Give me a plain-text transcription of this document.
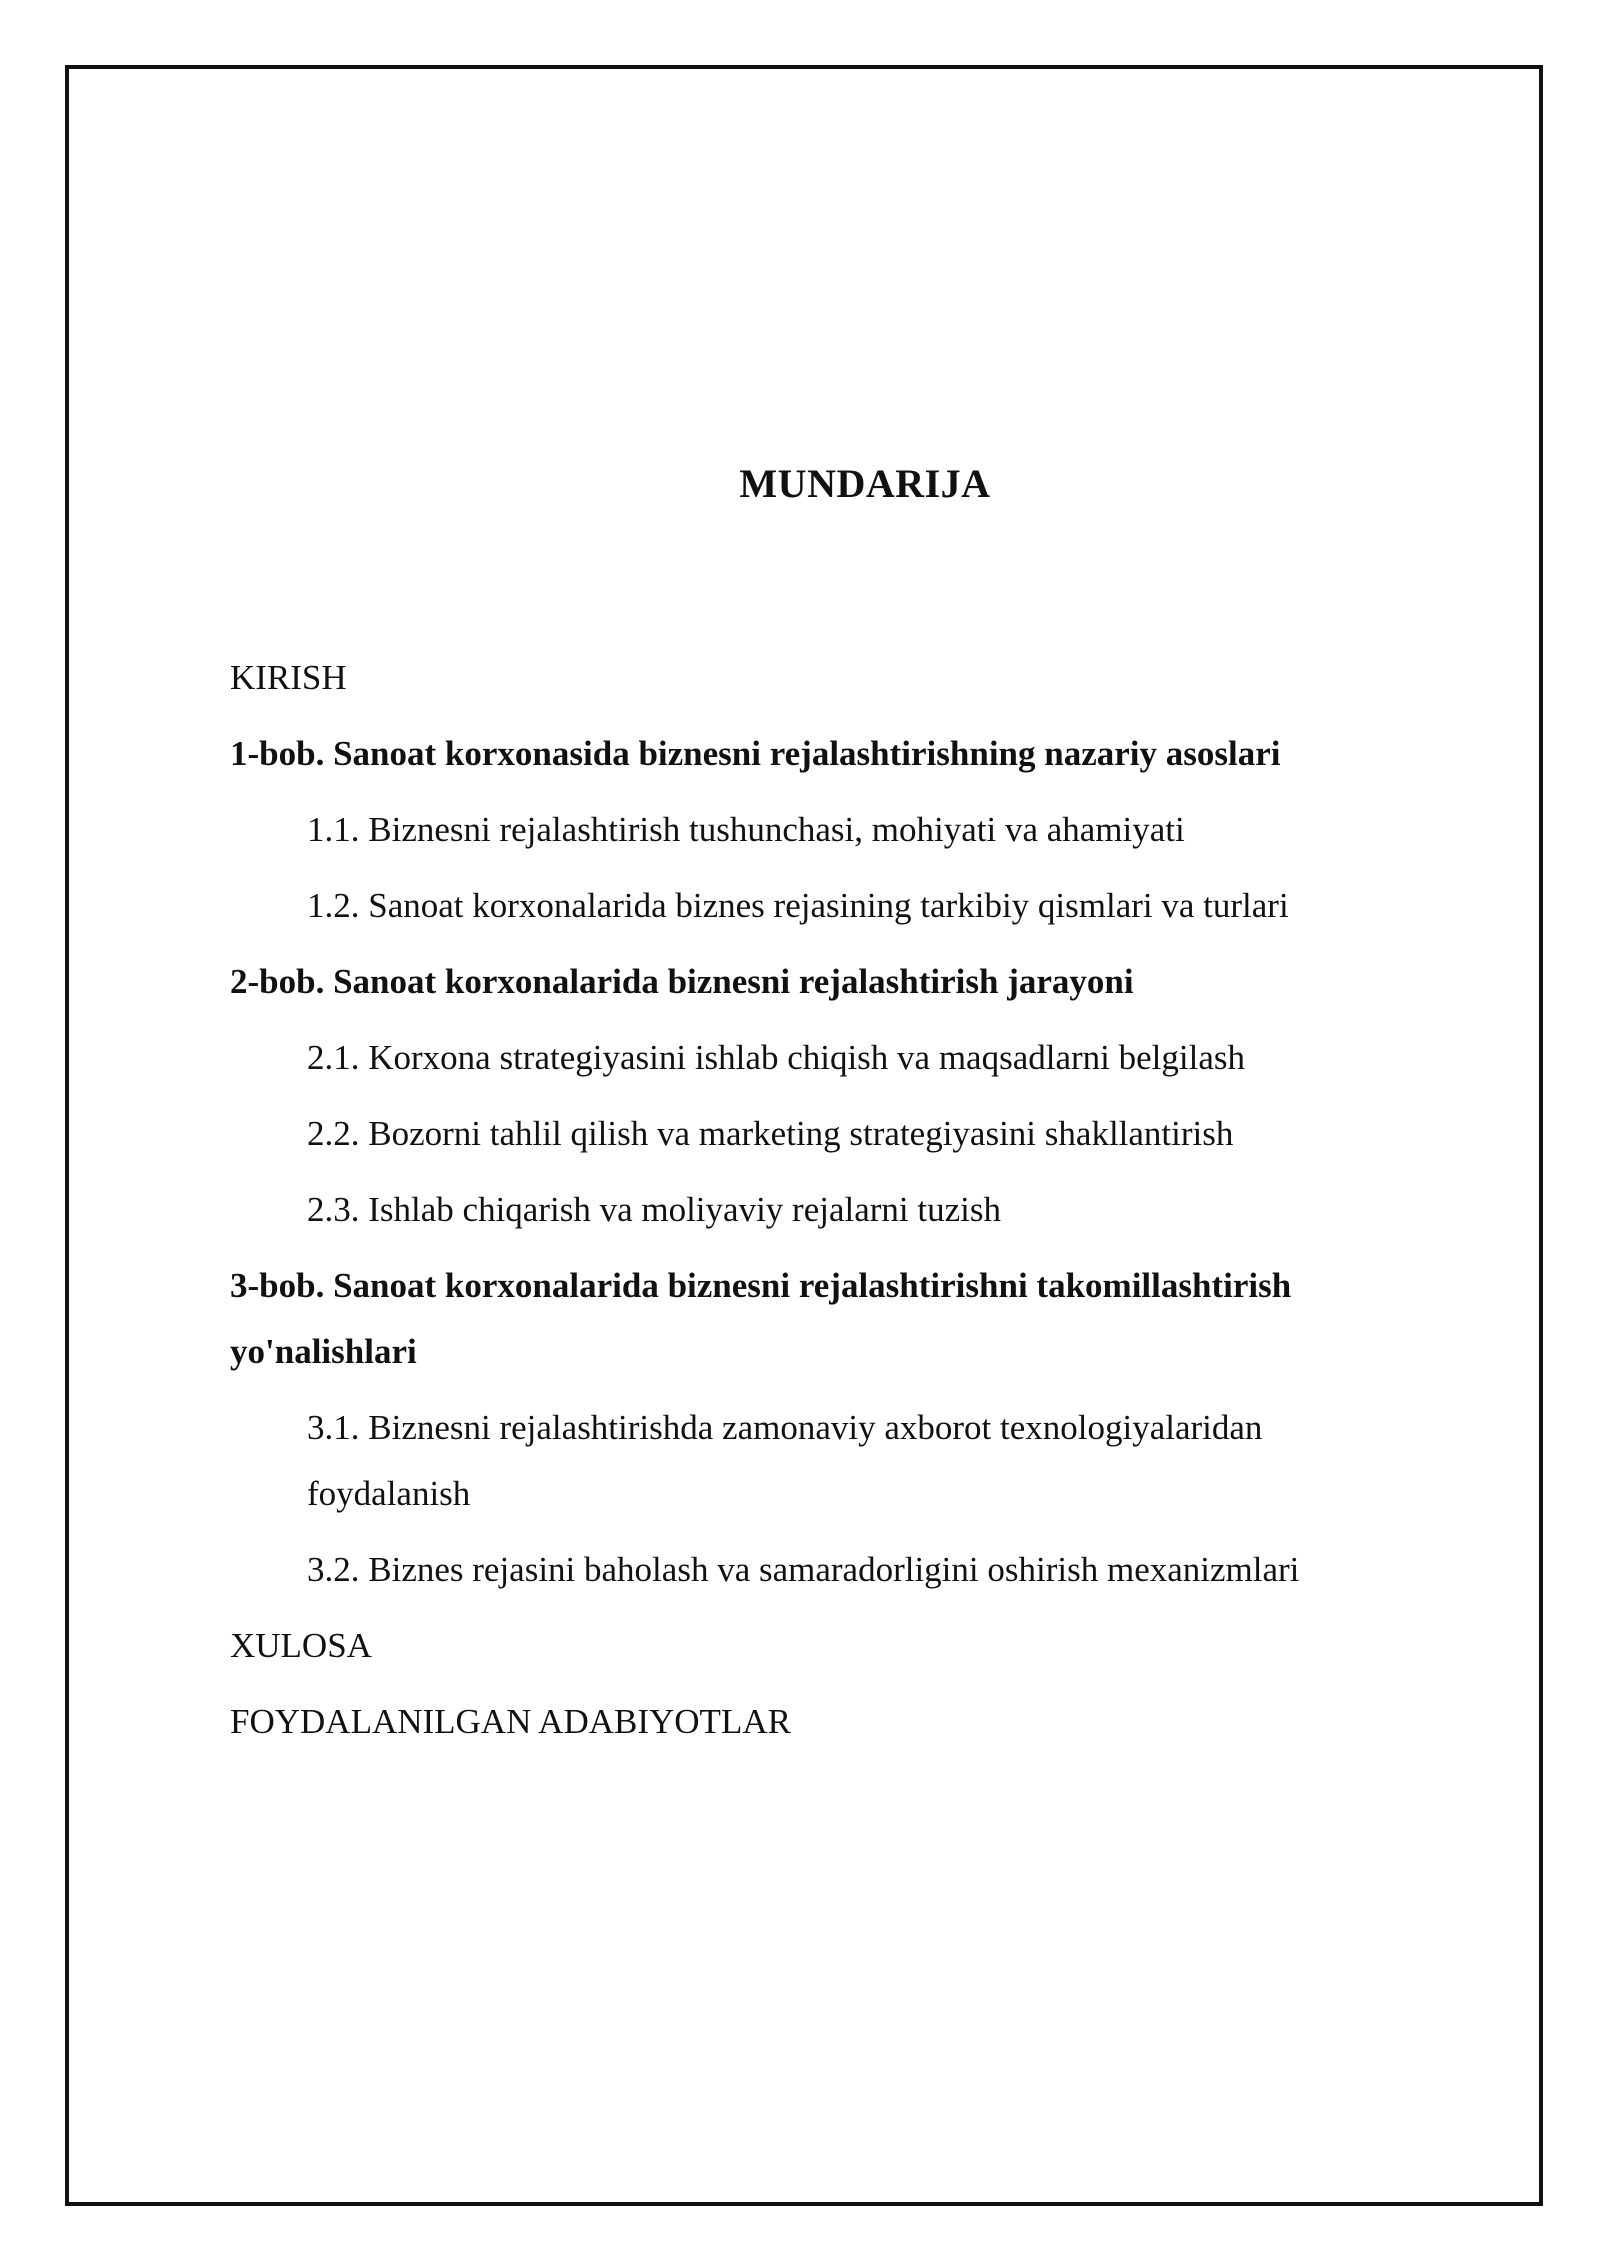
MUNDARIJA
KIRISH
1-bob. Sanoat korxonasida biznesni rejalashtirishning nazariy asoslari
1.1. Biznesni rejalashtirish tushunchasi, mohiyati va ahamiyati
1.2. Sanoat korxonalarida biznes rejasining tarkibiy qismlari va turlari
2-bob. Sanoat korxonalarida biznesni rejalashtirish jarayoni
2.1. Korxona strategiyasini ishlab chiqish va maqsadlarni belgilash
2.2. Bozorni tahlil qilish va marketing strategiyasini shakllantirish
2.3. Ishlab chiqarish va moliyaviy rejalarni tuzish
3-bob. Sanoat korxonalarida biznesni rejalashtirishni takomillashtirish yo'nalishlari
3.1. Biznesni rejalashtirishda zamonaviy axborot texnologiyalaridan foydalanish
3.2. Biznes rejasini baholash va samaradorligini oshirish mexanizmlari
XULOSA
FOYDALANILGAN ADABIYOTLAR
